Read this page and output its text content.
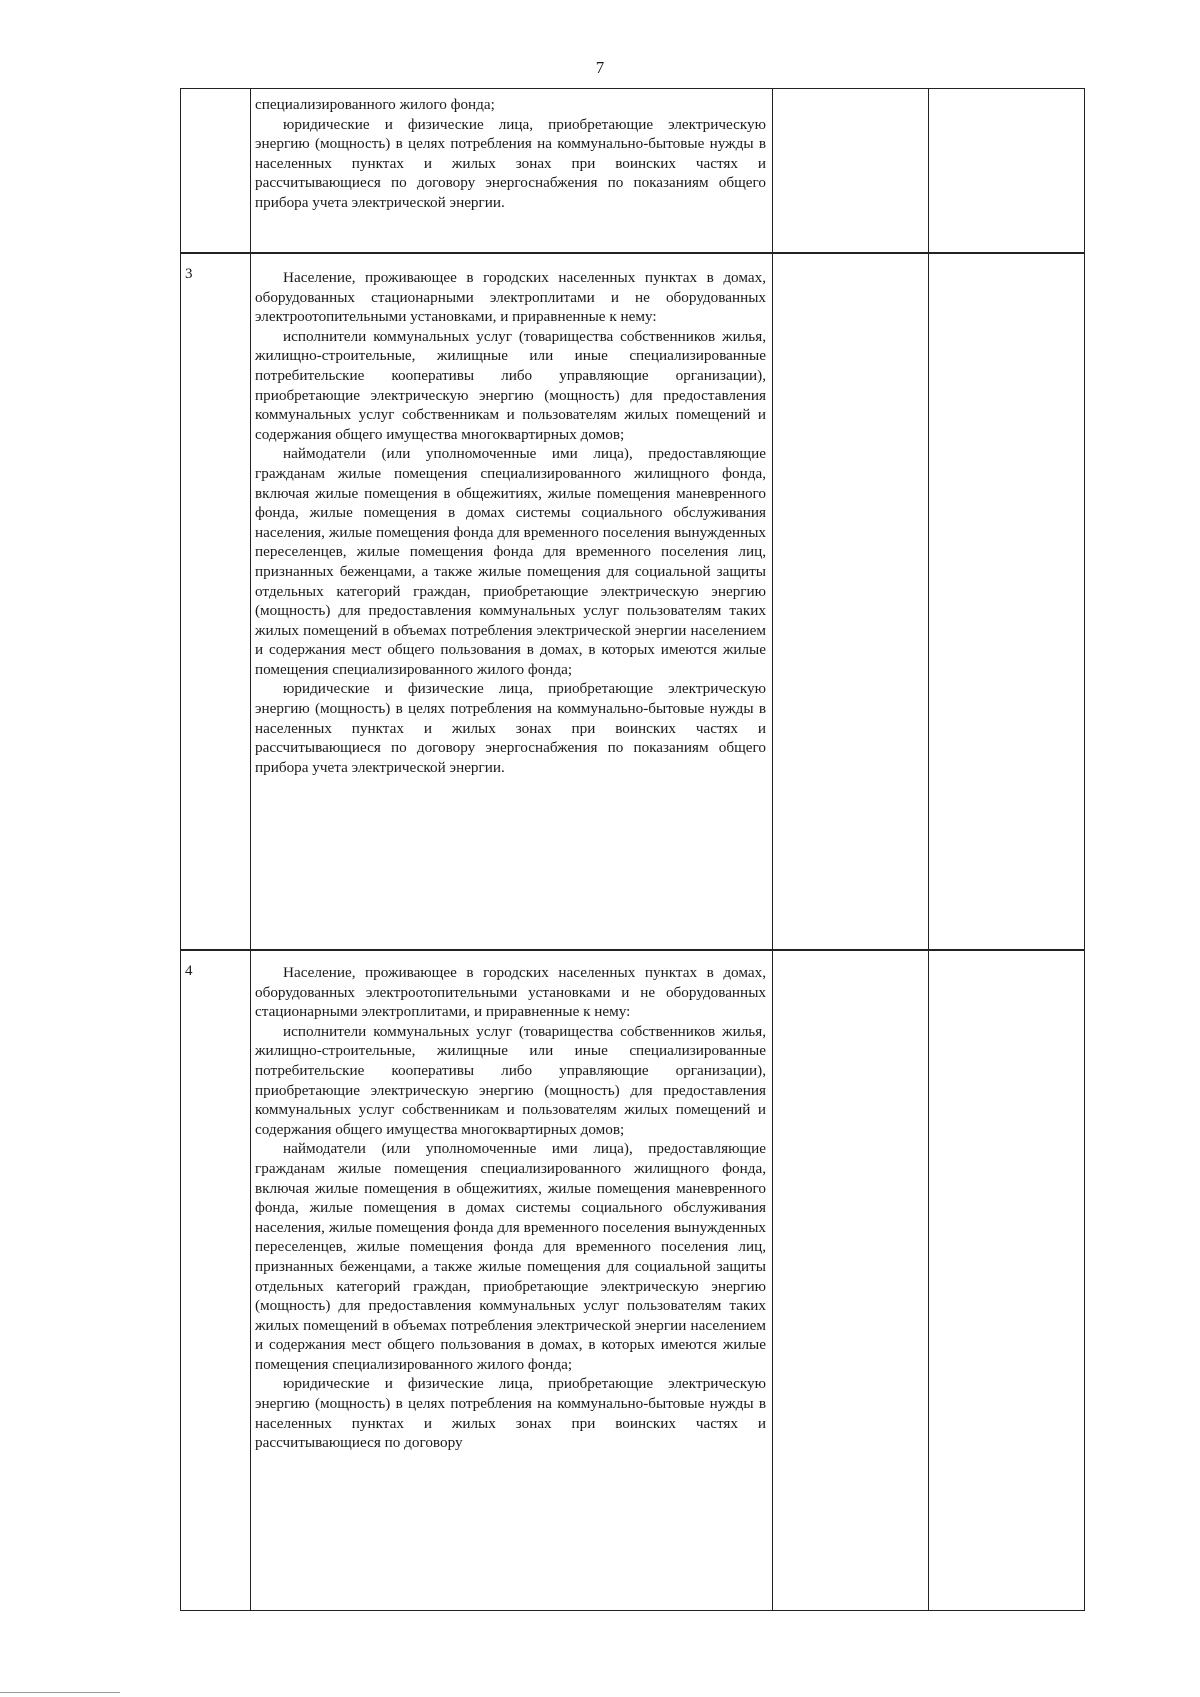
7

специализированного жилого фонда;

юридические и физические лица, приобретающие электрическую энергию (мощность) в целях потребления на коммунально-бытовые нужды в населенных пунктах и жилых зонах при воинских частях и рассчитывающиеся по договору энергоснабжения по показаниям общего прибора учета электрической энергии.

3	Население, проживающее в городских населенных пунктах в домах, оборудованных стационарными электроплитами и не оборудованных электроотопительными установками, и приравненные к нему:

исполнители коммунальных услуг (товарищества собственников жилья, жилищно-строительные, жилищные или иные специализированные потребительские кооперативы либо управляющие организации), приобретающие электрическую энергию (мощность) для предоставления коммунальных услуг собственникам и пользователям жилых помещений и содержания общего имущества многоквартирных домов;

наймодатели (или уполномоченные ими лица), предоставляющие гражданам жилые помещения специализированного жилищного фонда, включая жилые помещения в общежитиях, жилые помещения маневренного фонда, жилые помещения в домах системы социального обслуживания населения, жилые помещения фонда для временного поселения вынужденных переселенцев, жилые помещения фонда для временного поселения лиц, признанных беженцами, а также жилые помещения для социальной защиты отдельных категорий граждан, приобретающие электрическую энергию (мощность) для предоставления коммунальных услуг пользователям таких жилых помещений в объемах потребления электрической энергии населением и содержания мест общего пользования в домах, в которых имеются жилые помещения специализированного жилого фонда;

юридические и физические лица, приобретающие электрическую энергию (мощность) в целях потребления на коммунально-бытовые нужды в населенных пунктах и жилых зонах при воинских частях и рассчитывающиеся по договору энергоснабжения по показаниям общего прибора учета электрической энергии.

4	Население, проживающее в городских населенных пунктах в домах, оборудованных электроотопительными установками и не оборудованных стационарными электроплитами, и приравненные к нему:

исполнители коммунальных услуг (товарищества собственников жилья, жилищно-строительные, жилищные или иные специализированные потребительские кооперативы либо управляющие организации), приобретающие электрическую энергию (мощность) для предоставления коммунальных услуг собственникам и пользователям жилых помещений и содержания общего имущества многоквартирных домов;

наймодатели (или уполномоченные ими лица), предоставляющие гражданам жилые помещения специализированного жилищного фонда, включая жилые помещения в общежитиях, жилые помещения маневренного фонда, жилые помещения в домах системы социального обслуживания населения, жилые помещения фонда для временного поселения вынужденных переселенцев, жилые помещения фонда для временного поселения лиц, признанных беженцами, а также жилые помещения для социальной защиты отдельных категорий граждан, приобретающие электрическую энергию (мощность) для предоставления коммунальных услуг пользователям таких жилых помещений в объемах потребления электрической энергии населением и содержания мест общего пользования в домах, в которых имеются жилые помещения специализированного жилого фонда;

юридические и физические лица, приобретающие электрическую энергию (мощность) в целях потребления на коммунально-бытовые нужды в населенных пунктах и жилых зонах при воинских частях и рассчитывающиеся по договору
